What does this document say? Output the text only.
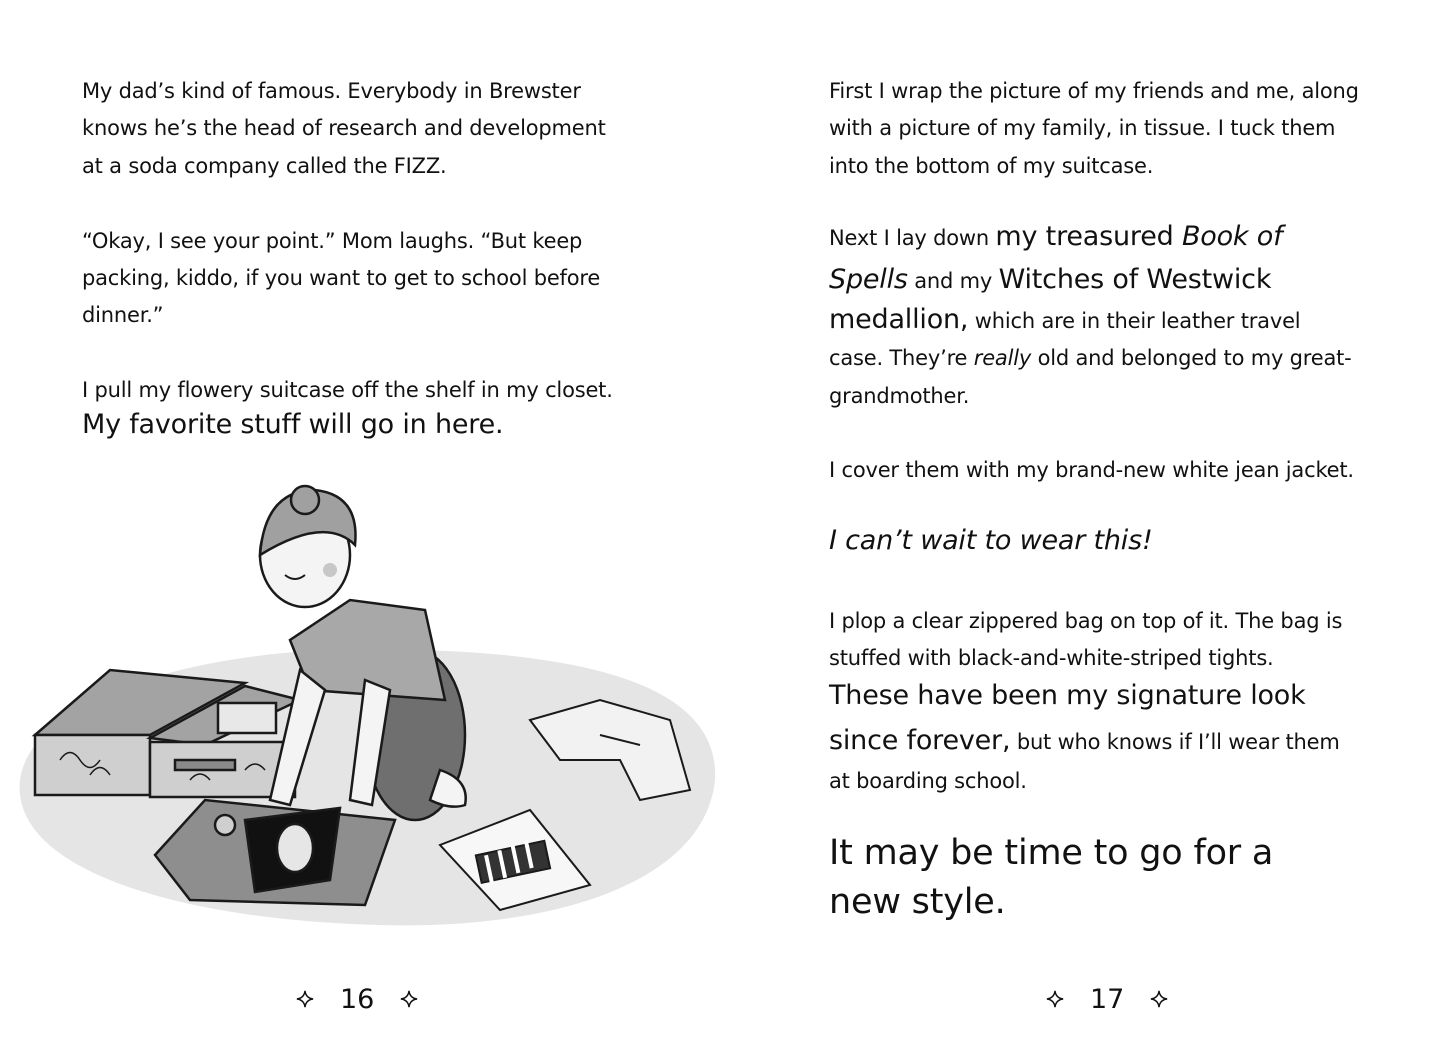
My dad’s kind of famous. Everybody in Brewster
knows he’s the head of research and development
at a soda company called the FIZZ.
“Okay, I see your point.” Mom laughs. “But keep
packing, kiddo, if you want to get to school before
dinner.”
I pull my flowery suitcase off the shelf in my closet.
My favorite stuff will go in here.
16
First I wrap the picture of my friends and me, along
with a picture of my family, in tissue. I tuck them
into the bottom of my suitcase.
Next I lay down my treasured Book of
Spells and my Witches of Westwick
medallion, which are in their leather travel
case. They’re really old and belonged to my great-
grandmother.
I cover them with my brand-new white jean jacket.
I can’t wait to wear this!
I plop a clear zippered bag on top of it. The bag is
stuffed with black-and-white-striped tights.
These have been my signature look
since forever, but who knows if I’ll wear them
at boarding school.
It may be time to go for a
new style.
17
